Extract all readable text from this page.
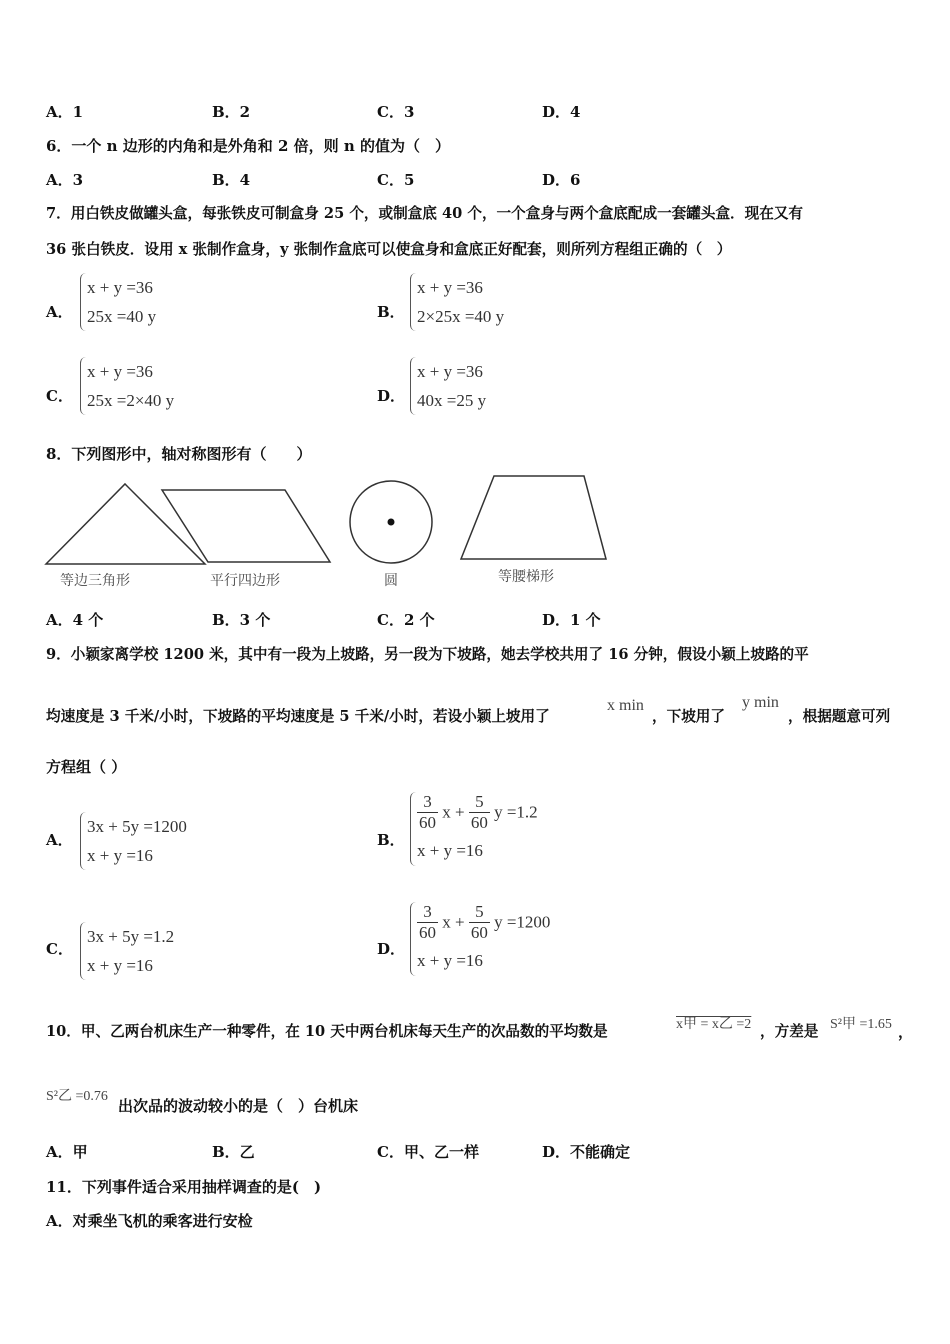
A．1	B．2	C．3	D．4
6．一个 n 边形的内角和是外角和 2 倍，则 n 的值为（　）
A．3	B．4	C．5	D．6
7．用白铁皮做罐头盒，每张铁皮可制盒身 25 个，或制盒底 40 个，一个盒身与两个盒底配成一套罐头盒．现在又有
36 张白铁皮．设用 x 张制作盒身，y 张制作盒底可以使盒身和盒底正好配套，则所列方程组正确的（　）
A．
x + y =36
25x =40 y	B．
x + y =36
2×25x =40 y
C．
x + y =36
25x =2×40 y	D．
x + y =36
40x =25 y
8．下列图形中，轴对称图形有（　　）
等边三角形	平行四边形	圆	等腰梯形
A．4 个	B．3 个	C．2 个	D．1 个
9．小颖家离学校 1200 米，其中有一段为上坡路，另一段为下坡路，她去学校共用了 16 分钟，假设小颖上坡路的平
均速度是 3 千米/小时，下坡路的平均速度是 5 千米/小时，若设小颖上坡用了
x min
，下坡用了
y min
，根据题意可列
方程组（ ）
A．
3x + 5y =1200
x + y =16
B．
$\frac{3}{60}$ $x + \frac{5}{60}$ y =1.2
x + y =16
C．
3x + 5y =1.2
x + y =16
D．
$\frac{3}{60}$ $x + \frac{5}{60}$ y =1200
x + y =16
10．甲、乙两台机床生产一种零件，在 10 天中两台机床每天生产的次品数的平均数是	x甲 = x乙 =2 ，方差是 S²甲 =1.65 ，
S²乙 =0.76
出次品的波动较小的是（　）台机床
A．甲	B．乙	C．甲、乙一样	D．不能确定
11．下列事件适合采用抽样调查的是(　)
A．对乘坐飞机的乘客进行安检
